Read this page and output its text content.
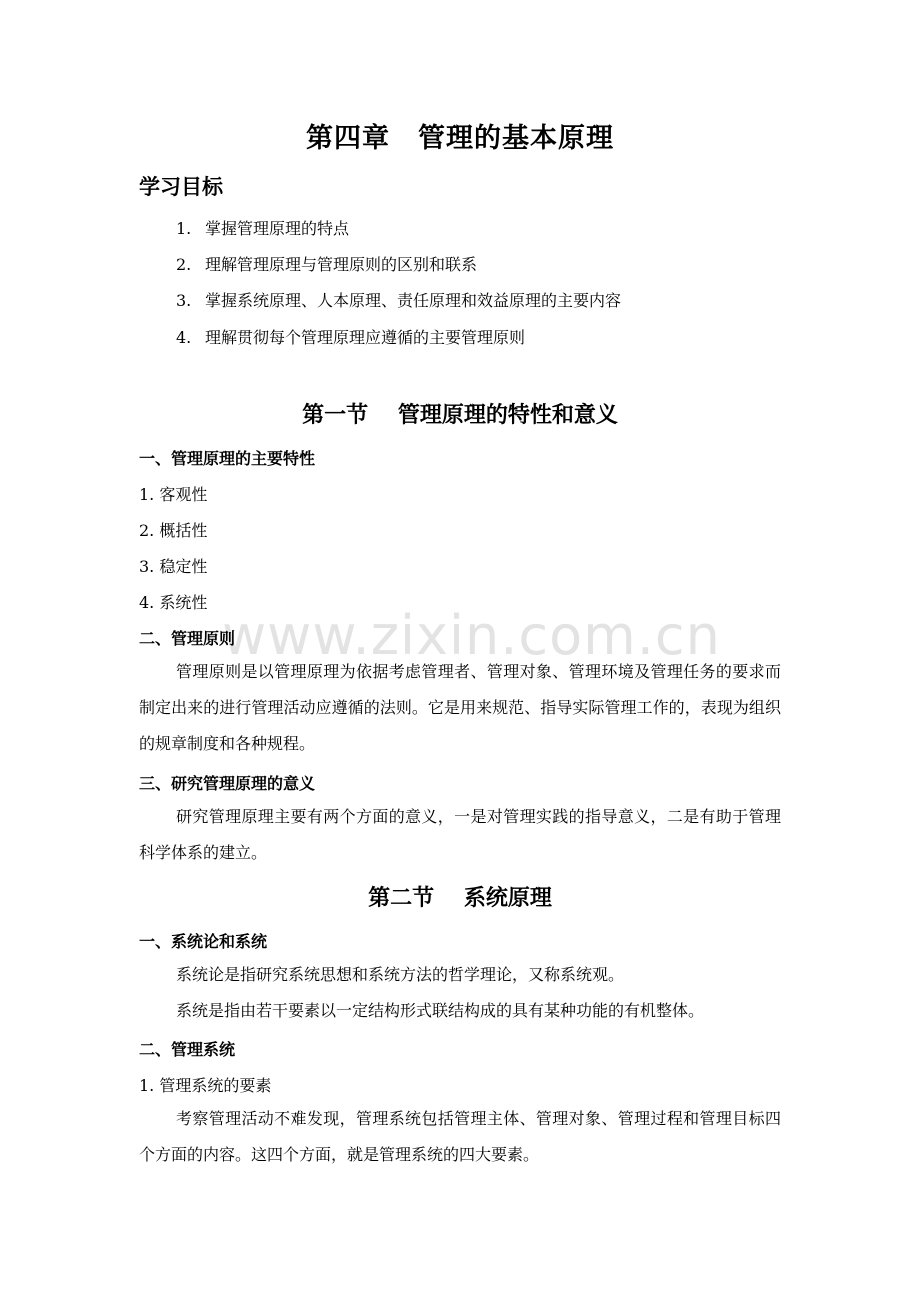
www.zixin.com.cn
第四章　管理的基本原理
学习目标
1. 掌握管理原理的特点
2. 理解管理原理与管理原则的区别和联系
3. 掌握系统原理、人本原理、责任原理和效益原理的主要内容
4. 理解贯彻每个管理原理应遵循的主要管理原则
第一节　 管理原理的特性和意义
一、管理原理的主要特性
1. 客观性
2. 概括性
3. 稳定性
4. 系统性
二、管理原则
管理原则是以管理原理为依据考虑管理者、管理对象、管理环境及管理任务的要求而制定出来的进行管理活动应遵循的法则。它是用来规范、指导实际管理工作的，表现为组织的规章制度和各种规程。
三、研究管理原理的意义
研究管理原理主要有两个方面的意义，一是对管理实践的指导意义，二是有助于管理科学体系的建立。
第二节　 系统原理
一、系统论和系统
系统论是指研究系统思想和系统方法的哲学理论，又称系统观。
系统是指由若干要素以一定结构形式联结构成的具有某种功能的有机整体。
二、管理系统
1. 管理系统的要素
考察管理活动不难发现，管理系统包括管理主体、管理对象、管理过程和管理目标四个方面的内容。这四个方面，就是管理系统的四大要素。
